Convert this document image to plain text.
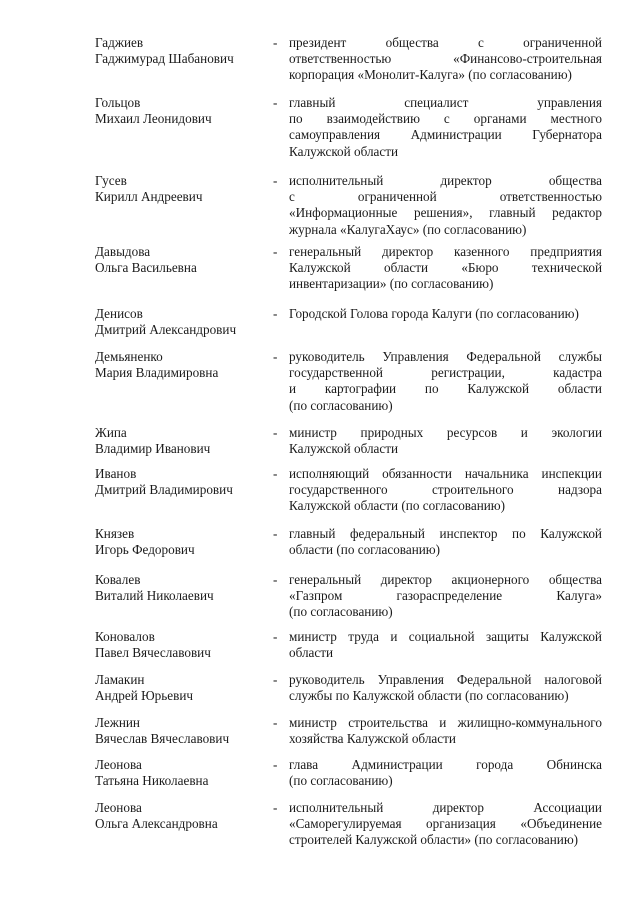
Гаджиев
Гаджимурад Шабанович
- президент общества с ограниченной
ответственностью «Финансово-строительная
корпорация «Монолит-Калуга» (по согласованию)
Гольцов
Михаил Леонидович
- главный специалист управления
по взаимодействию с органами местного
самоуправления Администрации Губернатора
Калужской области
Гусев
Кирилл Андреевич
- исполнительный директор общества
с ограниченной ответственностью
«Информационные решения», главный редактор
журнала «КалугаХаус» (по согласованию)
Давыдова
Ольга Васильевна
- генеральный директор казенного предприятия
Калужской области «Бюро технической
инвентаризации» (по согласованию)
Денисов
Дмитрий Александрович
- Городской Голова города Калуги (по согласованию)
Демьяненко
Мария Владимировна
- руководитель Управления Федеральной службы
государственной регистрации, кадастра
и картографии по Калужской области
(по согласованию)
Жипа
Владимир Иванович
- министр природных ресурсов и экологии
Калужской области
Иванов
Дмитрий Владимирович
- исполняющий обязанности начальника инспекции
государственного строительного надзора
Калужской области (по согласованию)
Князев
Игорь Федорович
- главный федеральный инспектор по Калужской
области (по согласованию)
Ковалев
Виталий Николаевич
- генеральный директор акционерного общества
«Газпром газораспределение Калуга»
(по согласованию)
Коновалов
Павел Вячеславович
- министр труда и социальной защиты Калужской
области
Ламакин
Андрей Юрьевич
- руководитель Управления Федеральной налоговой
службы по Калужской области (по согласованию)
Лежнин
Вячеслав Вячеславович
- министр строительства и жилищно-коммунального
хозяйства Калужской области
Леонова
Татьяна Николаевна
- глава Администрации города Обнинска
(по согласованию)
Леонова
Ольга Александровна
- исполнительный директор Ассоциации
«Саморегулируемая организация «Объединение
строителей Калужской области» (по согласованию)
